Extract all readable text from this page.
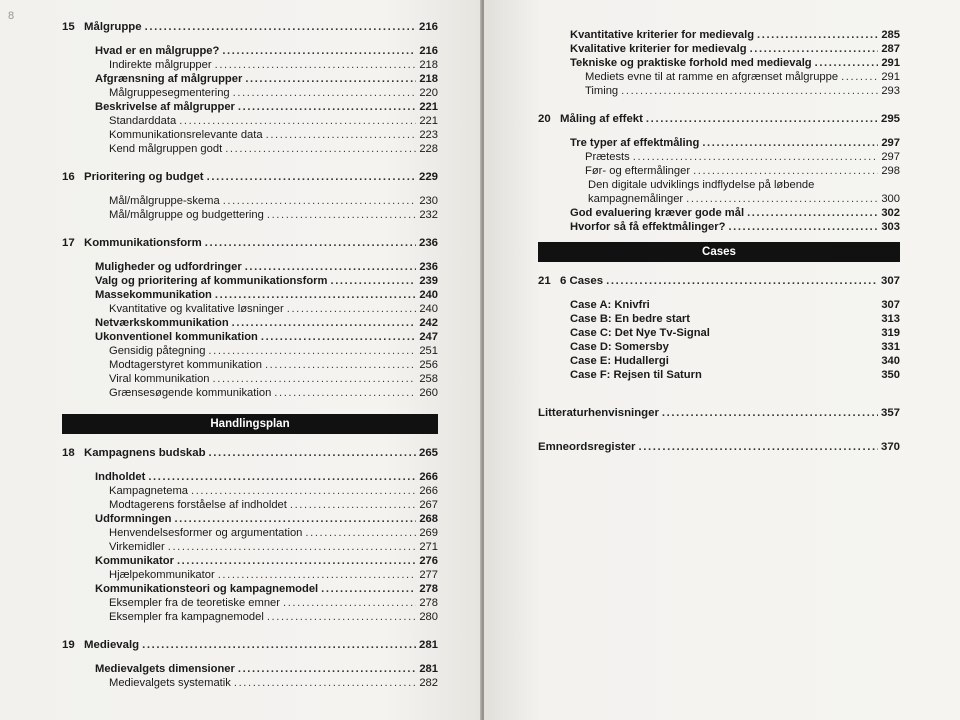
8
15 Målgruppe .....	216
Hvad er en målgruppe? .....	216
Indirekte målgrupper .....	218
Afgrænsning af målgrupper .....	218
Målgruppesegmentering .....	220
Beskrivelse af målgrupper .....	221
Standarddata .....	221
Kommunikationsrelevante data .....	223
Kend målgruppen godt .....	228
16 Prioritering og budget .....	229
Mål/målgruppe-skema .....	230
Mål/målgruppe og budgettering .....	232
17 Kommunikationsform .....	236
Muligheder og udfordringer .....	236
Valg og prioritering af kommunikationsform .....	239
Massekommunikation .....	240
Kvantitative og kvalitative løsninger .....	240
Netværkskommunikation .....	242
Ukonventionel kommunikation .....	247
Gensidig påtegning .....	251
Modtagerstyret kommunikation .....	256
Viral kommunikation .....	258
Grænsesøgende kommunikation .....	260
Handlingsplan
18 Kampagnens budskab .....	265
Indholdet .....	266
Kampagnetema .....	266
Modtagerens forståelse af indholdet .....	267
Udformningen .....	268
Henvendelsesformer og argumentation .....	269
Virkemidler .....	271
Kommunikator .....	276
Hjælpekommunikator .....	277
Kommunikationsteori og kampagnemodel .....	278
Eksempler fra de teoretiske emner .....	278
Eksempler fra kampagnemodel .....	280
19 Medievalg .....	281
Medievalgets dimensioner .....	281
Medievalgets systematik .....	282
Kvantitative kriterier for medievalg .....	285
Kvalitative kriterier for medievalg .....	287
Tekniske og praktiske forhold med medievalg .....	291
Mediets evne til at ramme en afgrænset målgruppe .....	291
Timing .....	293
20 Måling af effekt .....	295
Tre typer af effektmåling .....	297
Prætests .....	297
Før- og eftermålinger .....	298
Den digitale udviklings indflydelse på løbende
kampagnemålinger .....	300
God evaluering kræver gode mål .....	302
Hvorfor så få effektmålinger? .....	303
Cases
21 6 Cases .....	307
Case A: Knivfri	307
Case B: En bedre start	313
Case C: Det Nye Tv-Signal	319
Case D: Somersby	331
Case E: Hudallergi	340
Case F: Rejsen til Saturn	350
Litteraturhenvisninger .....	357
Emneordsregister .....	370
